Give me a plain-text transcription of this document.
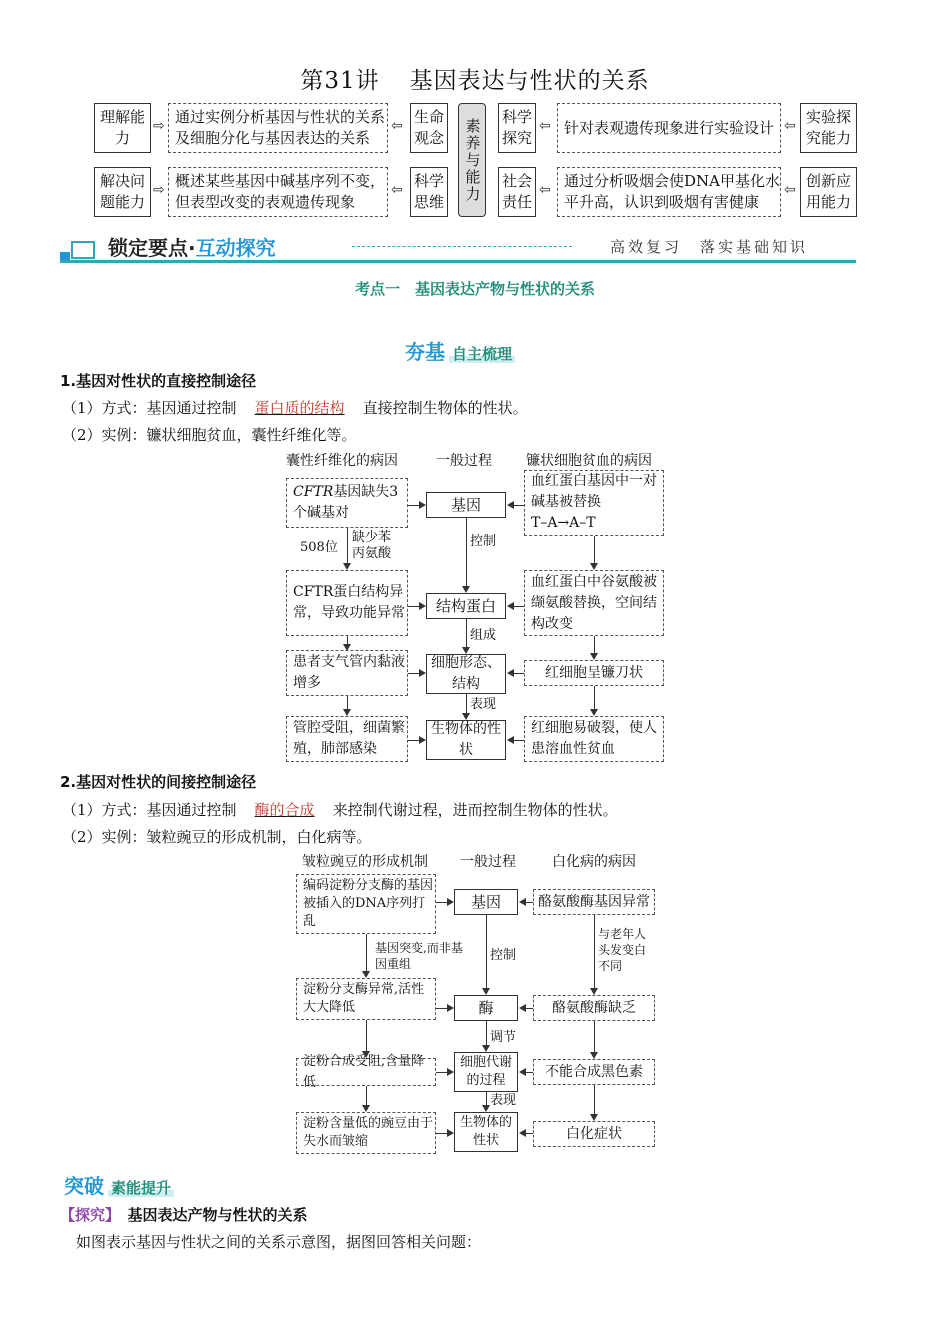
第31讲 基因表达与性状的关系
理解能力
⇨ 通过实例分析基因与性状的关系及细胞分化与基因表达的关系
⇦ 生命观念
解决问题能力
⇨ 概述某些基因中碱基序列不变，但表型改变的表观遗传现象
⇦ 科学思维	素养与能力
科学探究
⇦ 针对表观遗传现象进行实验设计 ⇦ 实验探究能力
社会责任
⇦ 通过分析吸烟会使DNA甲基化水平升高，认识到吸烟有害健康
⇦ 创新应用能力
锁定要点·互动探究	高效复习　落实基础知识
考点一　基因表达产物与性状的关系
夯基 自主梳理
1.基因对性状的直接控制途径
（1）方式：基因通过控制 蛋白质的结构 直接控制生物体的性状。
（2）实例：镰状细胞贫血，囊性纤维化等。
囊性纤维化的病因	一般过程 镰状细胞贫血的病因
CFTR基因缺失3个碱基对
CFTR蛋白结构异常，导致功能异常
患者支气管内黏液增多
管腔受阻，细菌繁殖，肺部感染
508位
缺少苯丙氨酸
基因
结构蛋白
细胞形态、结构
生物体的性状
控制
组成
表现
血红蛋白基因中一对碱基被替换
T–A→A–T
血红蛋白中谷氨酸被缬氨酸替换，空间结构改变
红细胞呈镰刀状
红细胞易破裂，使人患溶血性贫血
2.基因对性状的间接控制途径
（1）方式：基因通过控制 酶的合成 来控制代谢过程，进而控制生物体的性状。
（2）实例：皱粒豌豆的形成机制，白化病等。
皱粒豌豆的形成机制 一般过程	白化病的病因
编码淀粉分支酶的基因被插入的DNA序列打乱
淀粉分支酶异常,活性大大降低
淀粉合成受阻,含量降低
淀粉含量低的豌豆由于失水而皱缩
基因突变,而非基因重组
基因
酶
细胞代谢的过程
生物体的性状
控制
调节
表现
酪氨酸酶基因异常
酪氨酸酶缺乏
不能合成黑色素
白化症状
与老年人头发变白不同
突破 素能提升
【探究】　 基因表达产物与性状的关系
如图表示基因与性状之间的关系示意图，据图回答相关问题：
